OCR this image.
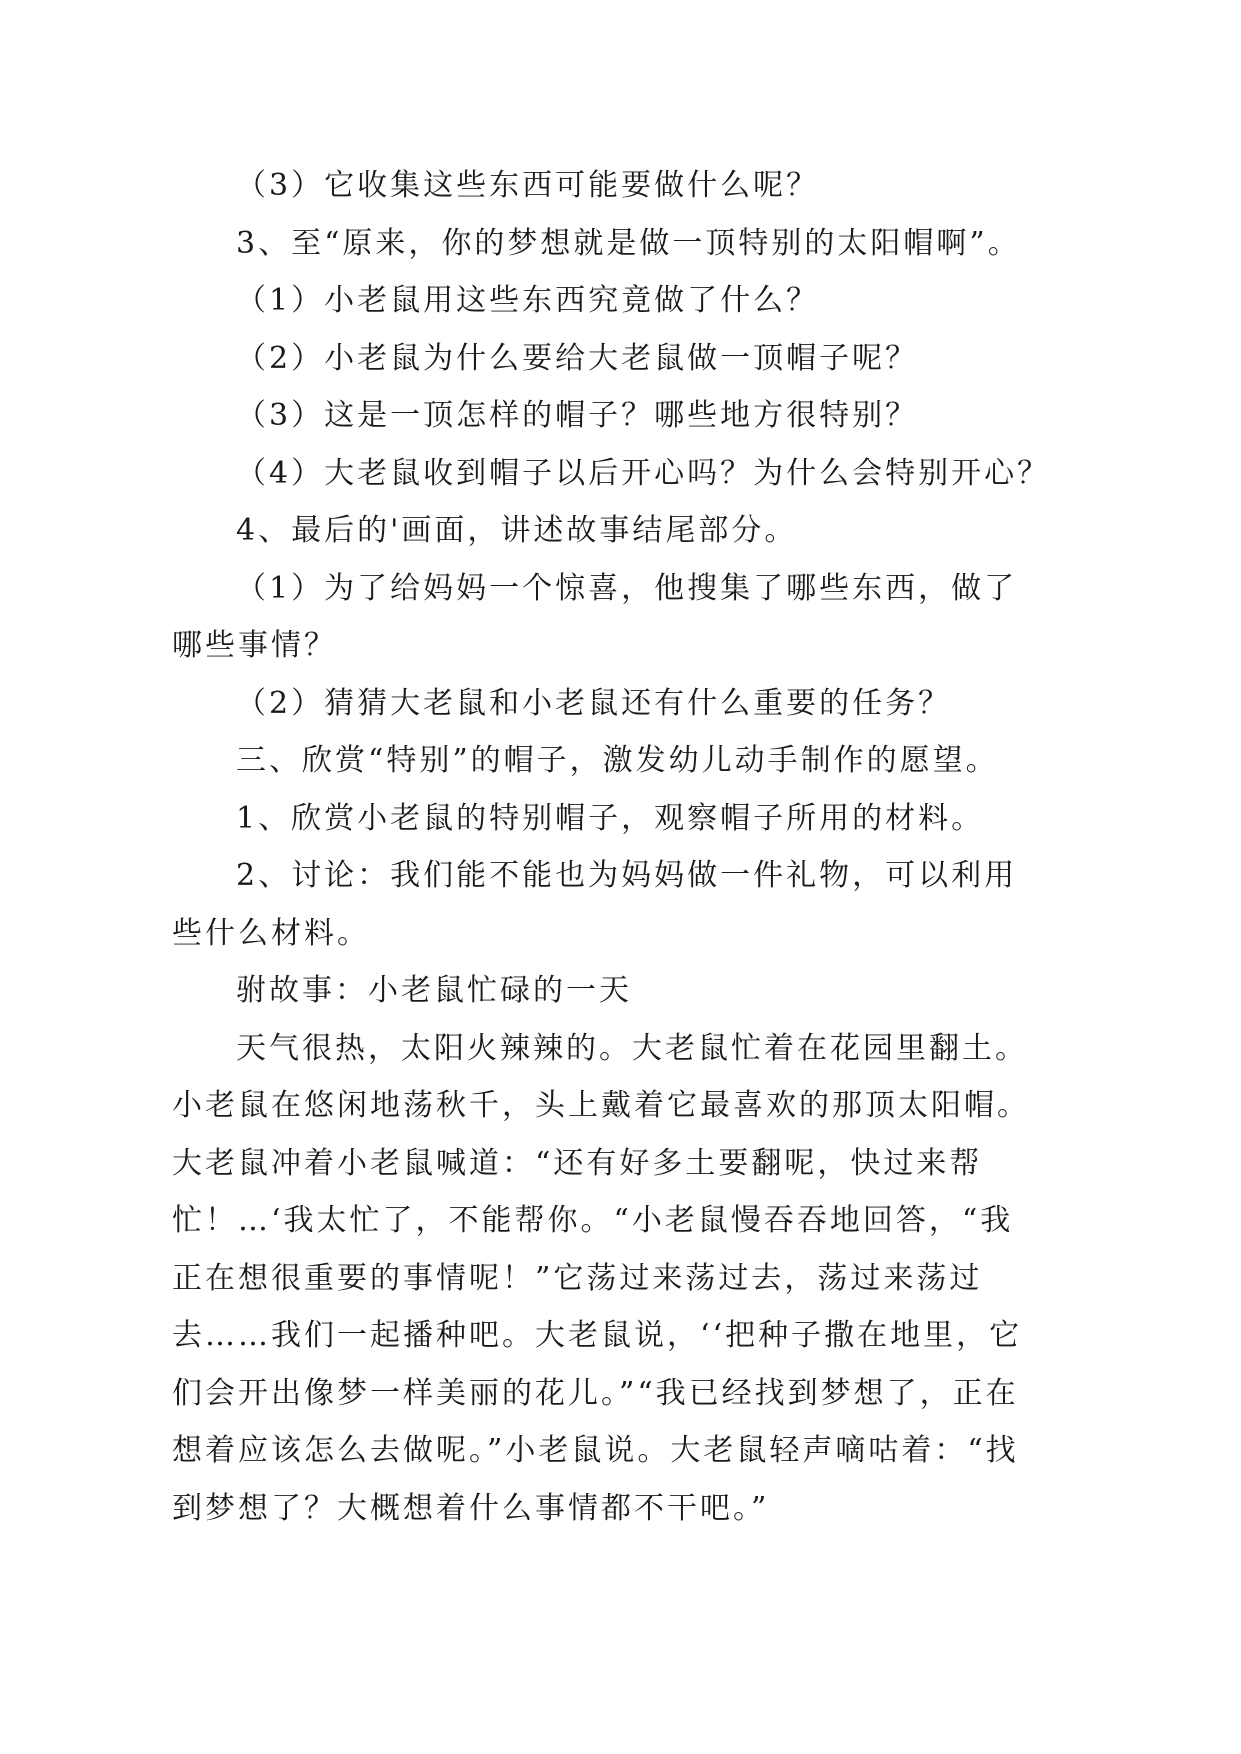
（3）它收集这些东西可能要做什么呢？
3、至“原来，你的梦想就是做一顶特别的太阳帽啊”。
（1）小老鼠用这些东西究竟做了什么？
（2）小老鼠为什么要给大老鼠做一顶帽子呢？
（3）这是一顶怎样的帽子？哪些地方很特别？
（4）大老鼠收到帽子以后开心吗？为什么会特别开心？
4、最后的'画面，讲述故事结尾部分。
（1）为了给妈妈一个惊喜，他搜集了哪些东西，做了
哪些事情？
（2）猜猜大老鼠和小老鼠还有什么重要的任务？
三、欣赏“特别”的帽子，激发幼儿动手制作的愿望。
1、欣赏小老鼠的特别帽子，观察帽子所用的材料。
2、讨论：我们能不能也为妈妈做一件礼物，可以利用
些什么材料。
驸故事：小老鼠忙碌的一天
天气很热，太阳火辣辣的。大老鼠忙着在花园里翻土。
小老鼠在悠闲地荡秋千，头上戴着它最喜欢的那顶太阳帽。
大老鼠冲着小老鼠喊道：“还有好多土要翻呢，快过来帮
忙！…‘我太忙了，不能帮你。“小老鼠慢吞吞地回答，“我
正在想很重要的事情呢！”它荡过来荡过去，荡过来荡过
去……我们一起播种吧。大老鼠说，‘‘把种子撒在地里，它
们会开出像梦一样美丽的花儿。”“我已经找到梦想了，正在
想着应该怎么去做呢。”小老鼠说。大老鼠轻声嘀咕着：“找
到梦想了？大概想着什么事情都不干吧。”
